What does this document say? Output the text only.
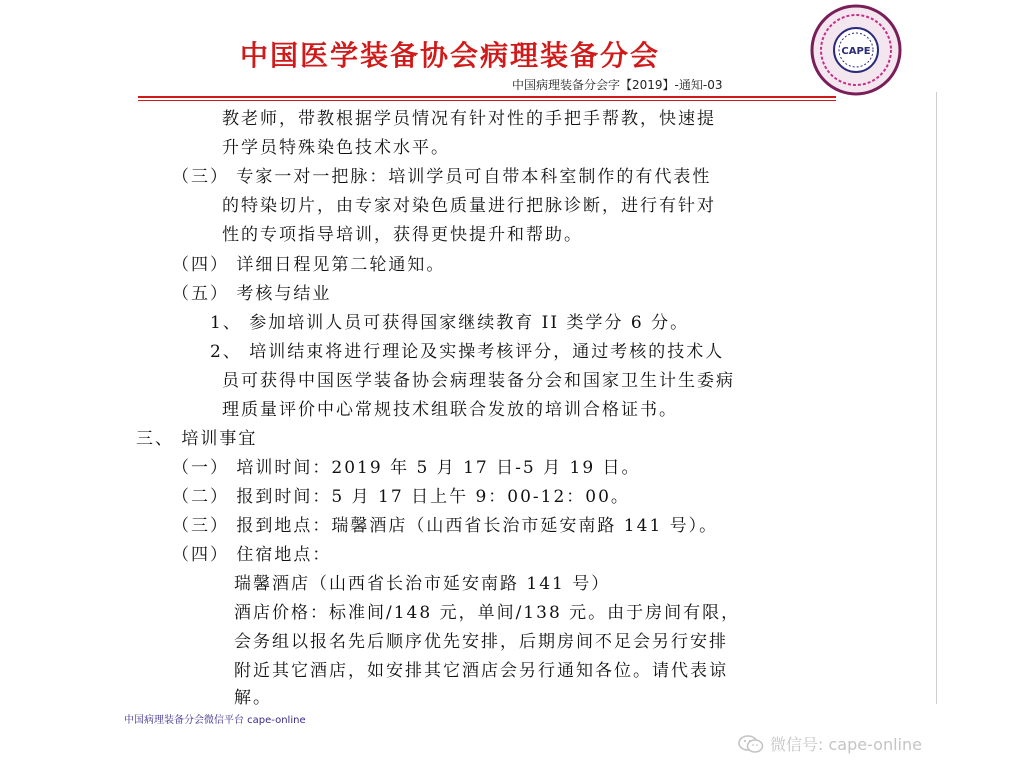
中国医学装备协会病理装备分会	CAPE
中国病理装备分会字【2019】-通知-03
教老师，带教根据学员情况有针对性的手把手帮教，快速提
升学员特殊染色技术水平。
（三） 专家一对一把脉：培训学员可自带本科室制作的有代表性
的特染切片，由专家对染色质量进行把脉诊断，进行有针对
性的专项指导培训，获得更快提升和帮助。
（四） 详细日程见第二轮通知。
（五） 考核与结业
1、 参加培训人员可获得国家继续教育 II 类学分 6 分。
2、 培训结束将进行理论及实操考核评分，通过考核的技术人
员可获得中国医学装备协会病理装备分会和国家卫生计生委病
理质量评价中心常规技术组联合发放的培训合格证书。
三、 培训事宜
（一） 培训时间：2019 年 5 月 17 日-5 月 19 日。
（二） 报到时间：5 月 17 日上午 9：00-12：00。
（三） 报到地点：瑞馨酒店（山西省长治市延安南路 141 号）。
（四） 住宿地点：
瑞馨酒店（山西省长治市延安南路 141 号）
酒店价格：标准间/148 元，单间/138 元。由于房间有限，
会务组以报名先后顺序优先安排，后期房间不足会另行安排
附近其它酒店，如安排其它酒店会另行通知各位。请代表谅
解。
中国病理装备分会微信平台 cape-online
微信号: cape-online
